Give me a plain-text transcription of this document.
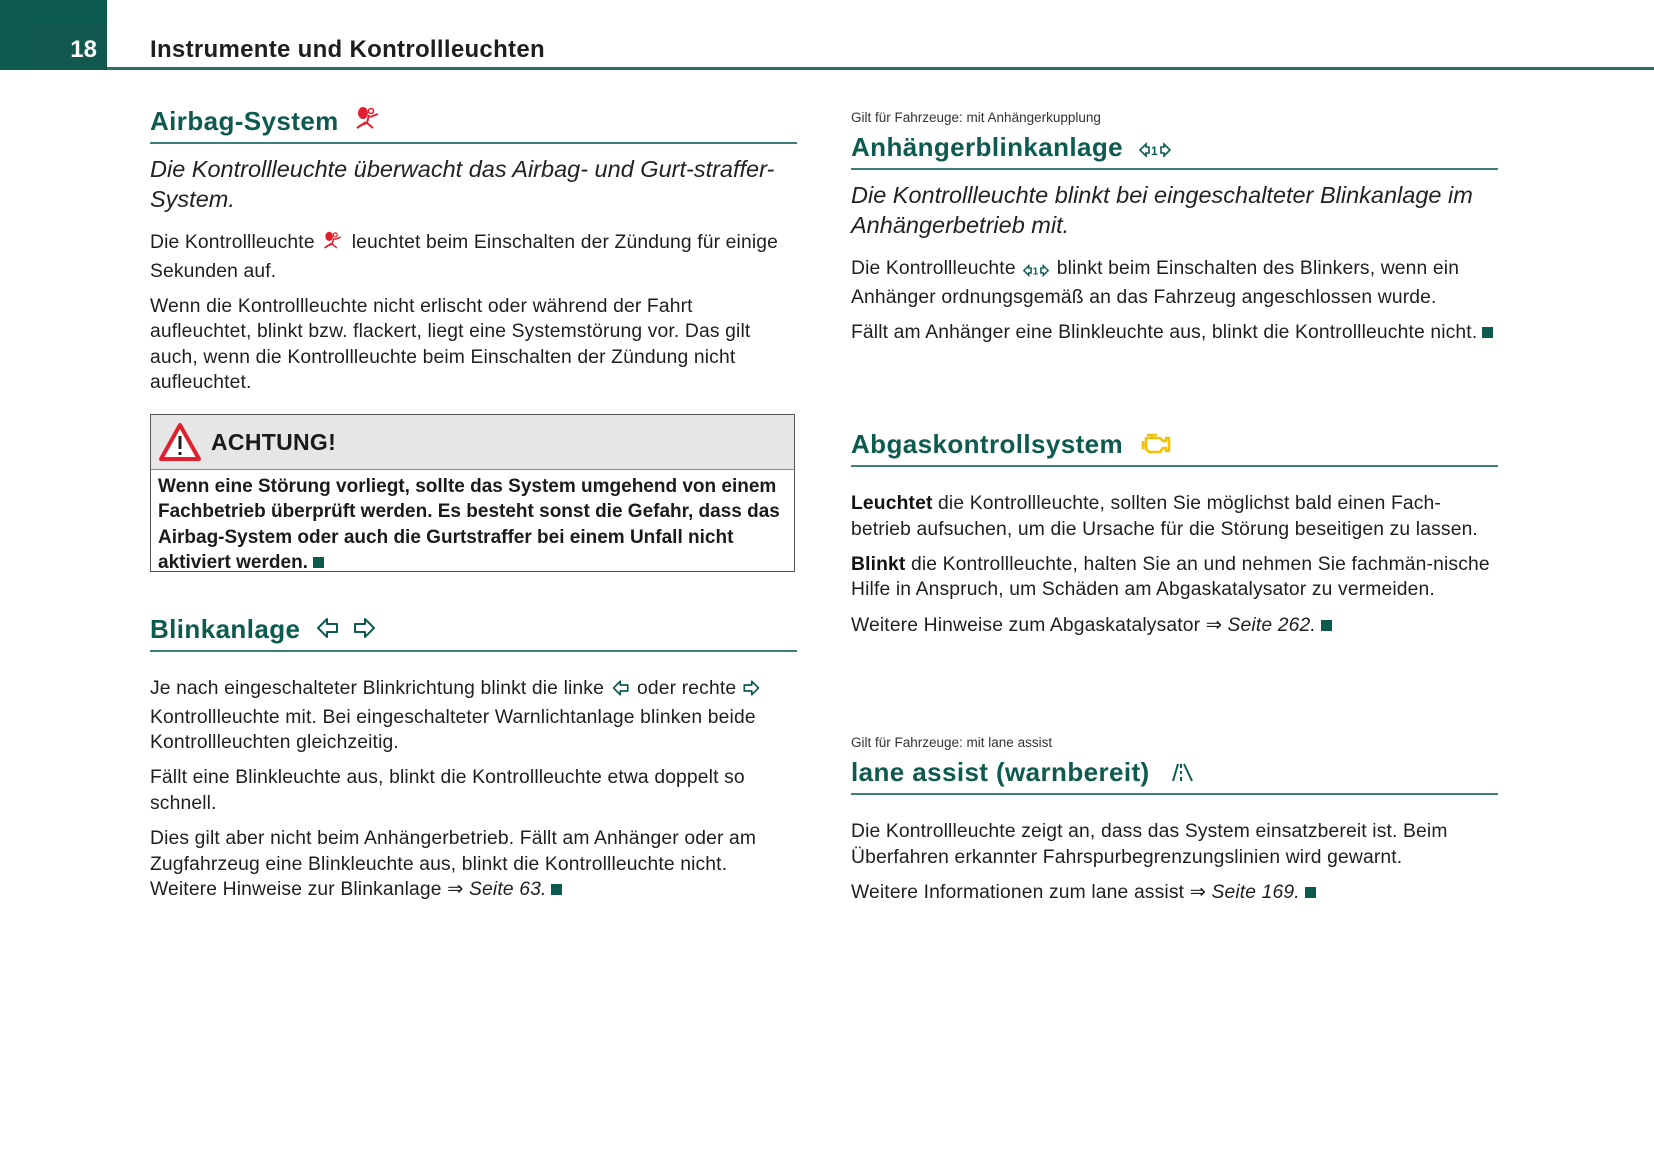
18 Instrumente und Kontrollleuchten
Airbag-System

Die Kontrollleuchte überwacht das Airbag- und Gurt-straffer-System.

Die Kontrollleuchte leuchtet beim Einschalten der Zündung für einige Sekunden auf.

Wenn die Kontrollleuchte nicht erlischt oder während der Fahrt aufleuchtet, blinkt bzw. flackert, liegt eine Systemstörung vor. Das gilt auch, wenn die Kontrollleuchte beim Einschalten der Zündung nicht aufleuchtet.

ACHTUNG!
Wenn eine Störung vorliegt, sollte das System umgehend von einem Fachbetrieb überprüft werden. Es besteht sonst die Gefahr, dass das Airbag-System oder auch die Gurtstraffer bei einem Unfall nicht aktiviert werden.
Blinkanlage

Je nach eingeschalteter Blinkrichtung blinkt die linke oder rechte  Kontrollleuchte mit. Bei eingeschalteter Warnlichtanlage blinken beide Kontrollleuchten gleichzeitig.

Fällt eine Blinkleuchte aus, blinkt die Kontrollleuchte etwa doppelt so schnell.

Dies gilt aber nicht beim Anhängerbetrieb. Fällt am Anhänger oder am Zugfahrzeug eine Blinkleuchte aus, blinkt die Kontrollleuchte nicht. Weitere Hinweise zur Blinkanlage ⇒ Seite 63.

Gilt für Fahrzeuge: mit Anhängerkupplung

Anhängerblinkanlage 1

Die Kontrollleuchte blinkt bei eingeschalteter Blinkanlage im Anhängerbetrieb mit.

Die Kontrollleuchte 1 blinkt beim Einschalten des Blinkers, wenn ein Anhänger ordnungsgemäß an das Fahrzeug angeschlossen wurde.

Fällt am Anhänger eine Blinkleuchte aus, blinkt die Kontrollleuchte nicht.

Abgaskontrollsystem

Leuchtet die Kontrollleuchte, sollten Sie möglichst bald einen Fach-betrieb aufsuchen, um die Ursache für die Störung beseitigen zu lassen.

Blinkt die Kontrollleuchte, halten Sie an und nehmen Sie fachmän-nische Hilfe in Anspruch, um Schäden am Abgaskatalysator zu vermeiden.

Weitere Hinweise zum Abgaskatalysator ⇒ Seite 262.

Gilt für Fahrzeuge: mit lane assist

lane assist (warnbereit)

Die Kontrollleuchte zeigt an, dass das System einsatzbereit ist. Beim Überfahren erkannter Fahrspurbegrenzungslinien wird gewarnt.

Weitere Informationen zum lane assist ⇒ Seite 169.
